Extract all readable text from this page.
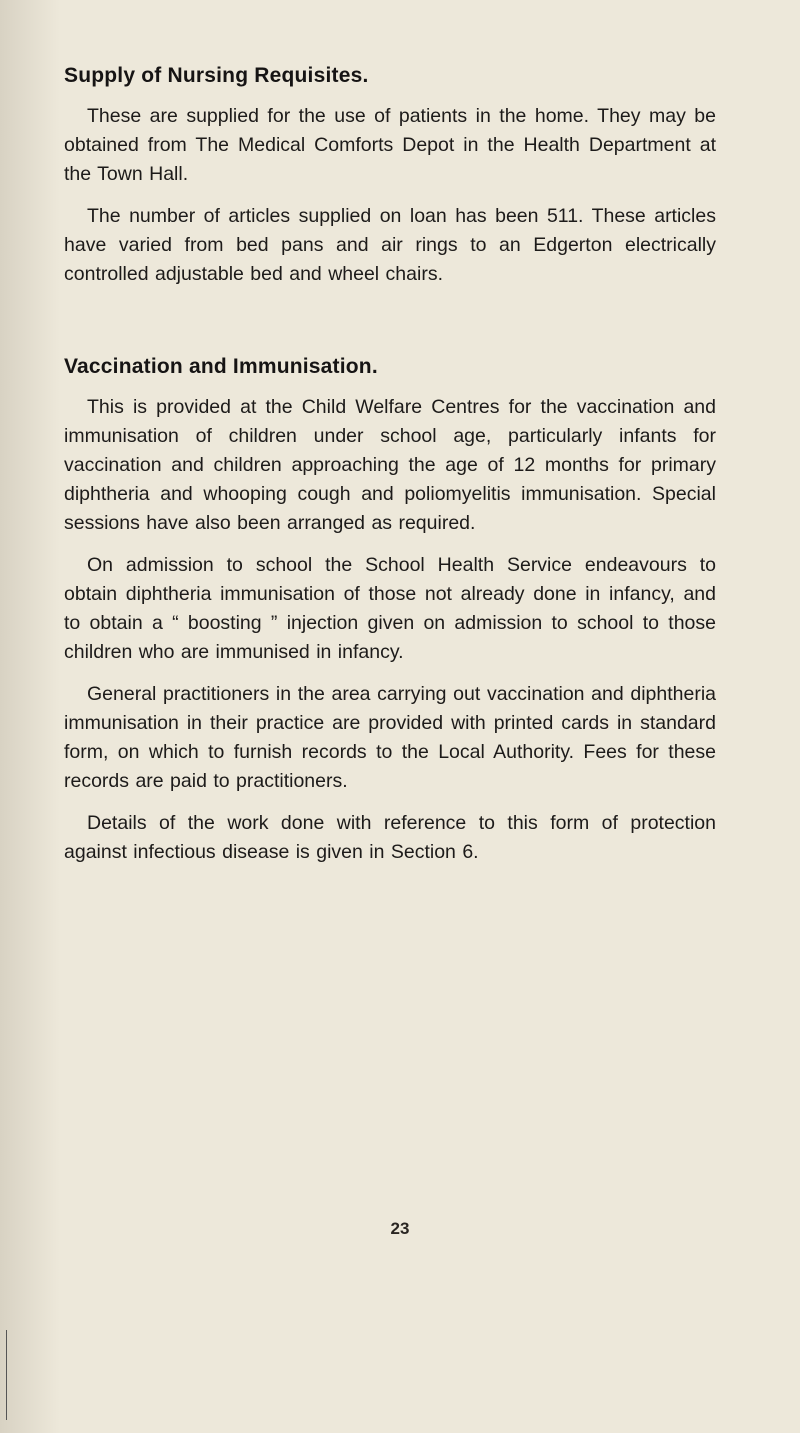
Supply of Nursing Requisites.

These are supplied for the use of patients in the home. They may be obtained from The Medical Comforts Depot in the Health Department at the Town Hall.

The number of articles supplied on loan has been 511. These articles have varied from bed pans and air rings to an Edgerton electrically controlled adjustable bed and wheel chairs.

Vaccination and Immunisation.

This is provided at the Child Welfare Centres for the vaccination and immunisation of children under school age, particularly infants for vaccination and children approaching the age of 12 months for primary diphtheria and whooping cough and poliomyelitis immunisation. Special sessions have also been arranged as required.

On admission to school the School Health Service endeavours to obtain diphtheria immunisation of those not already done in infancy, and to obtain a “ boosting ” injection given on admission to school to those children who are immunised in infancy.

General practitioners in the area carrying out vaccination and diphtheria immunisation in their practice are provided with printed cards in standard form, on which to furnish records to the Local Authority. Fees for these records are paid to practitioners.

Details of the work done with reference to this form of protection against infectious disease is given in Section 6.

23
